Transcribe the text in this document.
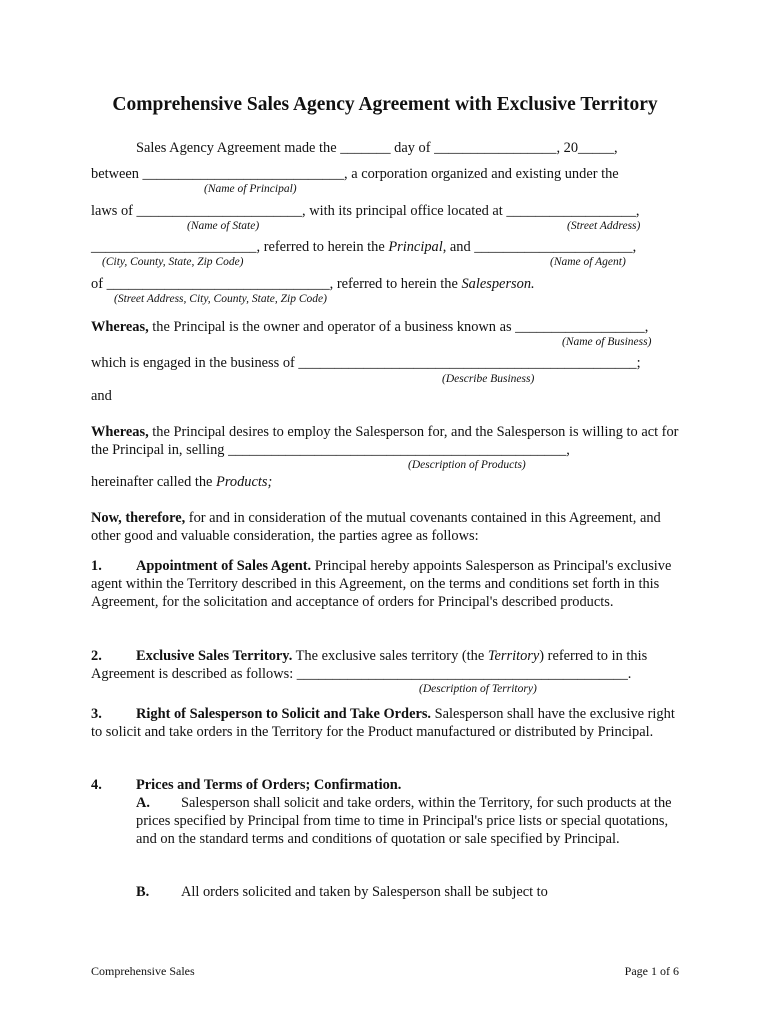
Comprehensive Sales Agency Agreement with Exclusive Territory
Sales Agency Agreement made the _______ day of _________________, 20_____,
between ____________________________, a corporation organized and existing under the
(Name of Principal)
laws of _______________________, with its principal office located at __________________,
(Name of State)	(Street Address)
_______________________, referred to herein the Principal, and ______________________,
(City, County, State, Zip Code)	(Name of Agent)
of _______________________________, referred to herein the Salesperson.
(Street Address, City, County, State, Zip Code)
Whereas, the Principal is the owner and operator of a business known as __________________,
(Name of Business)
which is engaged in the business of _______________________________________________;
(Describe Business)
and
Whereas, the Principal desires to employ the Salesperson for, and the Salesperson is willing to act for the Principal in, selling _______________________________________________,
(Description of Products)
hereinafter called the Products;
Now, therefore, for and in consideration of the mutual covenants contained in this Agreement, and other good and valuable consideration, the parties agree as follows:
1. Appointment of Sales Agent. Principal hereby appoints Salesperson as Principal's exclusive agent within the Territory described in this Agreement, on the terms and conditions set forth in this Agreement, for the solicitation and acceptance of orders for Principal's described products.
2. Exclusive Sales Territory. The exclusive sales territory (the Territory) referred to in this Agreement is described as follows: ______________________________________________.
(Description of Territory)
3. Right of Salesperson to Solicit and Take Orders. Salesperson shall have the exclusive right to solicit and take orders in the Territory for the Product manufactured or distributed by Principal.
4. Prices and Terms of Orders; Confirmation.
A. Salesperson shall solicit and take orders, within the Territory, for such products at the prices specified by Principal from time to time in Principal's price lists or special quotations, and on the standard terms and conditions of quotation or sale specified by Principal.
B. All orders solicited and taken by Salesperson shall be subject to
Comprehensive Sales	Page 1 of 6
